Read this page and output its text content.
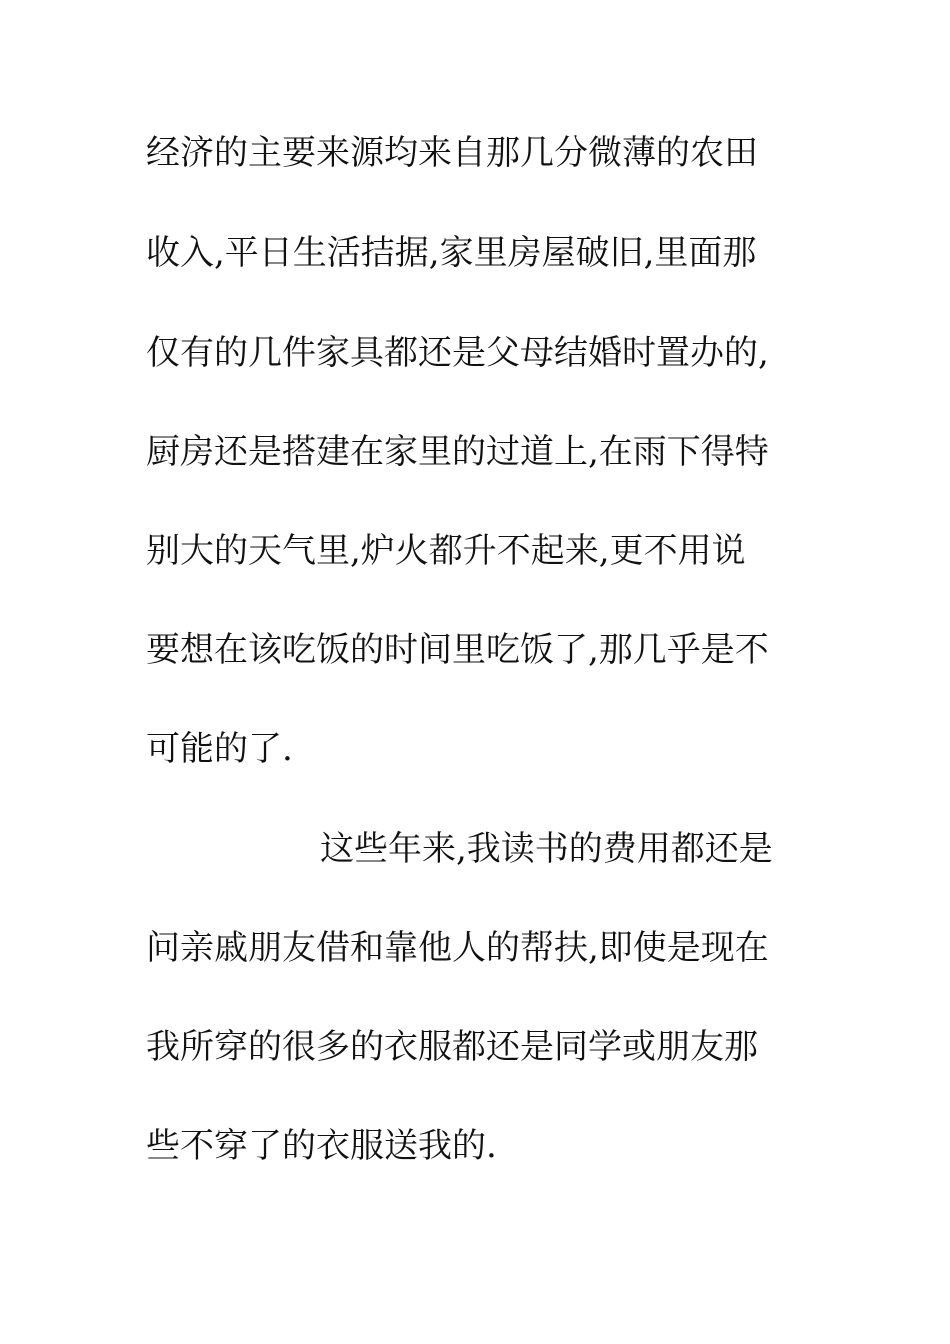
经济的主要来源均来自那几分微薄的农田
收入,平日生活拮据,家里房屋破旧,里面那
仅有的几件家具都还是父母结婚时置办的,
厨房还是搭建在家里的过道上,在雨下得特
别大的天气里,炉火都升不起来,更不用说
要想在该吃饭的时间里吃饭了,那几乎是不
可能的了.
这些年来,我读书的费用都还是
问亲戚朋友借和靠他人的帮扶,即使是现在
我所穿的很多的衣服都还是同学或朋友那
些不穿了的衣服送我的.
